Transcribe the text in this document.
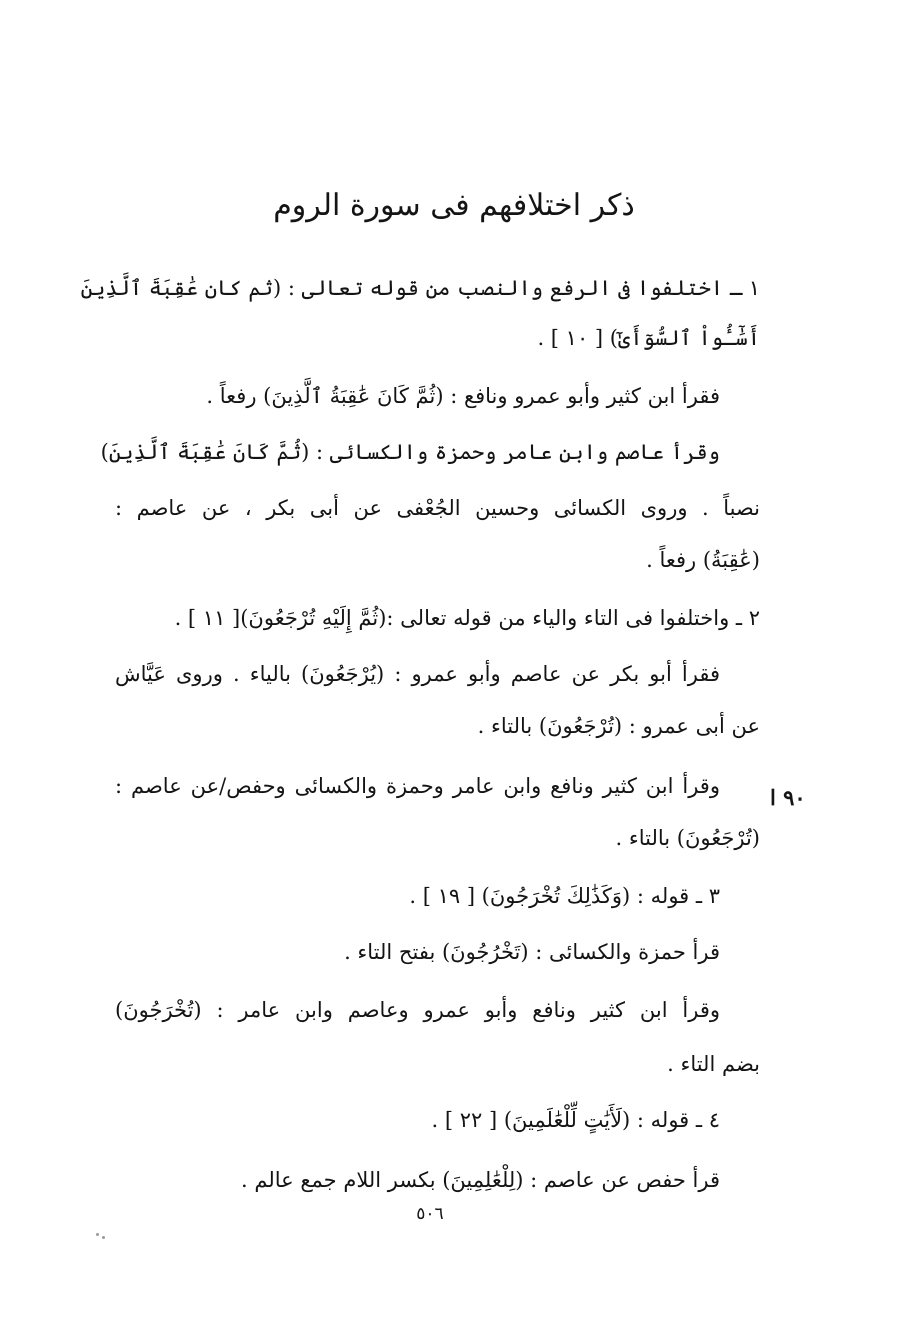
ذكر اختلافهم فى سورة الروم
١ ـ اختلفوا فى الرفع والنصب من قوله تعالى : (ثم كان عَٰقِبَةَ ٱلَّذِينَ
أَسَٰٓـُٔواْ ٱلسُّوٓأَىٰٓ) [ ١٠ ] .
فقرأ ابن كثير وأبو عمرو ونافع : (ثُمَّ كَانَ عَٰقِبَةُ ٱلَّذِينَ) رفعاً .
وقرأ عاصم وابن عامر وحمزة والكسائى : (ثُمَّ كَانَ عَٰقِبَةَ ٱلَّذِينَ)
نصباً . وروى الكسائى وحسين الجُعْفى عن أبى بكر ، عن عاصم :
(عَٰقِبَةُ) رفعاً .
٢ ـ واختلفوا فى التاء والياء من قوله تعالى :(ثُمَّ إِلَيْهِ تُرْجَعُونَ)[ ١١ ] .
فقرأ أبو بكر عن عاصم وأبو عمرو : (يُرْجَعُونَ) بالياء . وروى عَيَّاش
عن أبى عمرو : (تُرْجَعُونَ) بالتاء .
وقرأ ابن كثير ونافع وابن عامر وحمزة والكسائى وحفص/عن عاصم :
(تُرْجَعُونَ) بالتاء .
٣ ـ قوله : (وَكَذَٰلِكَ تُخْرَجُونَ) [ ١٩ ] .
قرأ حمزة والكسائى : (تَخْرُجُونَ) بفتح التاء .
وقرأ ابن كثير ونافع وأبو عمرو وعاصم وابن عامر : (تُخْرَجُونَ)
بضم التاء .
٤ ـ قوله : (لَأَيَٰتٍ لِّلْعَٰلَمِينَ) [ ٢٢ ] .
قرأ حفص عن عاصم : (لِلْعَٰلِمِينَ) بكسر اللام جمع عالم .
٩٠ ا
٥٠٦
